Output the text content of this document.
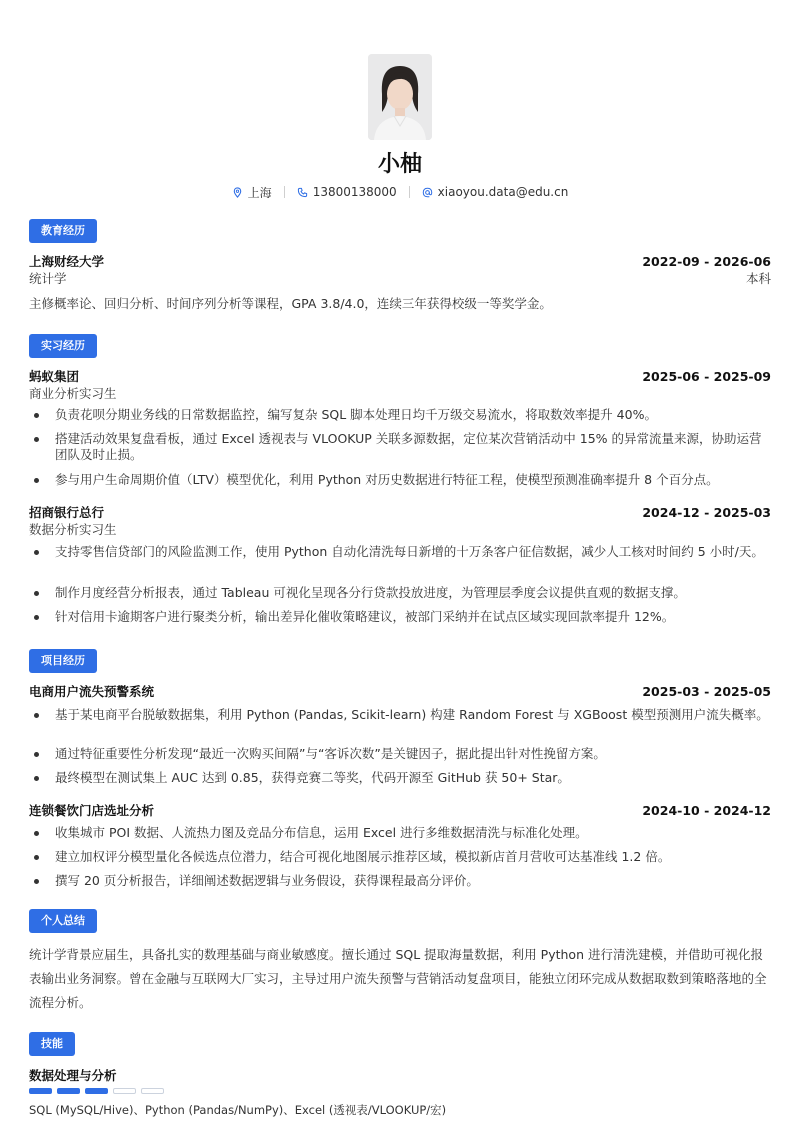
小柚
上海	13800138000	xiaoyou.data@edu.cn
教育经历
上海财经大学	2022-09 - 2026-06
统计学	本科
主修概率论、回归分析、时间序列分析等课程，GPA 3.8/4.0，连续三年获得校级一等奖学金。
实习经历
蚂蚁集团	2025-06 - 2025-09
商业分析实习生
负责花呗分期业务线的日常数据监控，编写复杂 SQL 脚本处理日均千万级交易流水，将取数效率提升 40%。
搭建活动效果复盘看板，通过 Excel 透视表与 VLOOKUP 关联多源数据，定位某次营销活动中 15% 的异常流量来源，协助运营团队及时止损。
参与用户生命周期价值（LTV）模型优化，利用 Python 对历史数据进行特征工程，使模型预测准确率提升 8 个百分点。
招商银行总行	2024-12 - 2025-03
数据分析实习生
支持零售信贷部门的风险监测工作，使用 Python 自动化清洗每日新增的十万条客户征信数据，减少人工核对时间约 5 小时/天。
制作月度经营分析报表，通过 Tableau 可视化呈现各分行贷款投放进度，为管理层季度会议提供直观的数据支撑。
针对信用卡逾期客户进行聚类分析，输出差异化催收策略建议，被部门采纳并在试点区域实现回款率提升 12%。
项目经历
电商用户流失预警系统	2025-03 - 2025-05
基于某电商平台脱敏数据集，利用 Python (Pandas, Scikit-learn) 构建 Random Forest 与 XGBoost 模型预测用户流失概率。
通过特征重要性分析发现“最近一次购买间隔”与“客诉次数”是关键因子，据此提出针对性挽留方案。
最终模型在测试集上 AUC 达到 0.85，获得竞赛二等奖，代码开源至 GitHub 获 50+ Star。
连锁餐饮门店选址分析	2024-10 - 2024-12
收集城市 POI 数据、人流热力图及竞品分布信息，运用 Excel 进行多维数据清洗与标准化处理。
建立加权评分模型量化各候选点位潜力，结合可视化地图展示推荐区域，模拟新店首月营收可达基准线 1.2 倍。
撰写 20 页分析报告，详细阐述数据逻辑与业务假设，获得课程最高分评价。
个人总结
统计学背景应届生，具备扎实的数理基础与商业敏感度。擅长通过 SQL 提取海量数据，利用 Python 进行清洗建模，并借助可视化报表输出业务洞察。曾在金融与互联网大厂实习，主导过用户流失预警与营销活动复盘项目，能独立闭环完成从数据取数到策略落地的全流程分析。
技能
数据处理与分析
SQL (MySQL/Hive)、Python (Pandas/NumPy)、Excel (透视表/VLOOKUP/宏)
